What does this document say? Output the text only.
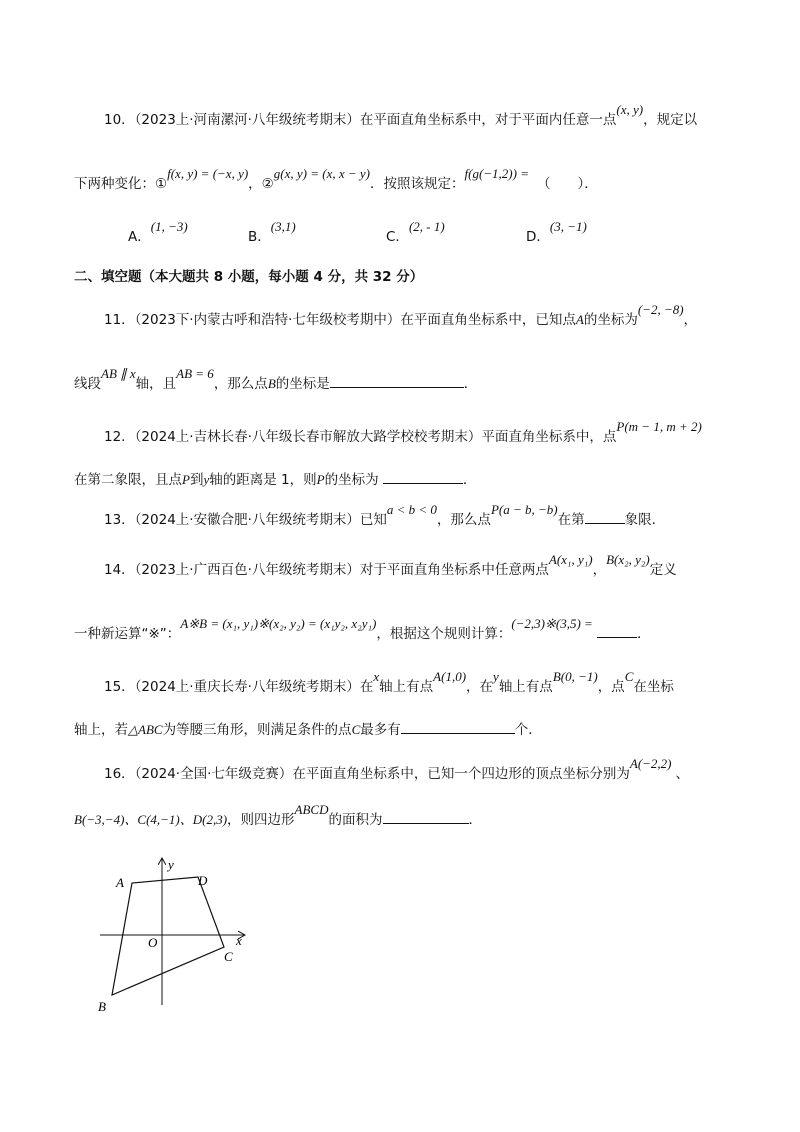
10．（2023上·河南漯河·八年级统考期末）在平面直角坐标系中，对于平面内任意一点(x, y)，规定以
下两种变化：①f(x, y) = (−x, y)，②g(x, y) = (x, x − y)．按照该规定：f(g(−1,2)) =（　　）．
A．(1, −3)
B．(3,1)
C．(2, - 1)
D．(3, −1)
二、填空题（本大题共 8 小题，每小题 4 分，共 32 分）
11．（2023下·内蒙古呼和浩特·七年级校考期中）在平面直角坐标系中，已知点A的坐标为(−2, −8)，
线段AB ∥ x轴，且AB = 6，那么点B的坐标是	．
12．（2024上·吉林长春·八年级长春市解放大路学校校考期末）平面直角坐标系中，点P(m − 1, m + 2)
在第二象限，且点P到y轴的距离是 1，则P的坐标为	．
13．（2024上·安徽合肥·八年级统考期末）已知a < b < 0，那么点P(a − b, −b)在第	象限．
14．（2023上·广西百色·八年级统考期末）对于平面直角坐标系中任意两点A(x₁, y₁)，B(x₂, y₂)定义
一种新运算“※”：A※B = (x₁, y₁)※(x₂, y₂) = (x₁y₂, x₂y₁)，根据这个规则计算：(−2,3)※(3,5) = ．
15．（2024上·重庆长寿·八年级统考期末）在x轴上有点A(1,0)，在y轴上有点B(0, −1)，点C在坐标
轴上，若△ABC为等腰三角形，则满足条件的点C最多有	个．
16．（2024·全国·七年级竞赛）在平面直角坐标系中，已知一个四边形的顶点坐标分别为A(−2,2)、
B(−3,−4)、C(4,−1)、D(2,3)，则四边形ABCD的面积为	．
y
x
O
A
B
C
D
